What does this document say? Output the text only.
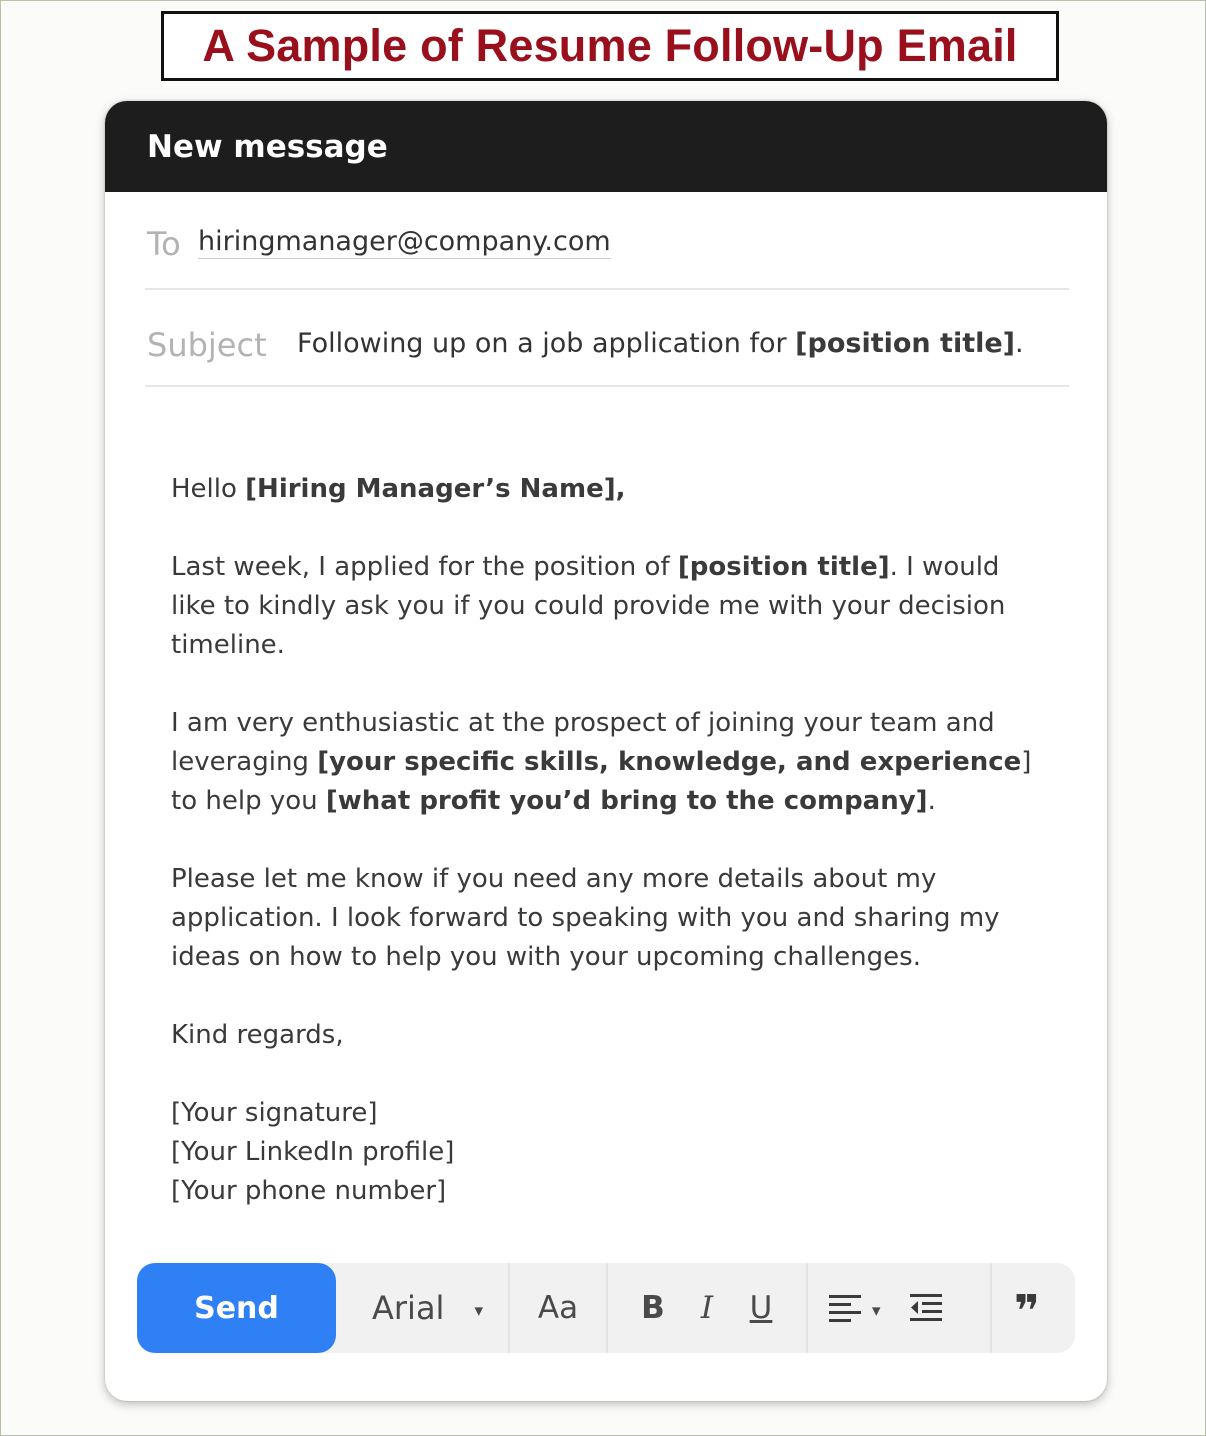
A Sample of Resume Follow-Up Email
New message
To hiringmanager@company.com
Subject Following up on a job application for [position title].

Hello [Hiring Manager’s Name],

Last week, I applied for the position of [position title]. I would like to kindly ask you if you could provide me with your decision timeline.

I am very enthusiastic at the prospect of joining your team and leveraging [your specific skills, knowledge, and experience] to help you [what profit you’d bring to the company].

Please let me know if you need any more details about my application. I look forward to speaking with you and sharing my ideas on how to help you with your upcoming challenges.

Kind regards,

[Your signature]

[Your LinkedIn profile]

[Your phone number]

Send	Arial ▾ Aa B	I	U	▾	❞
